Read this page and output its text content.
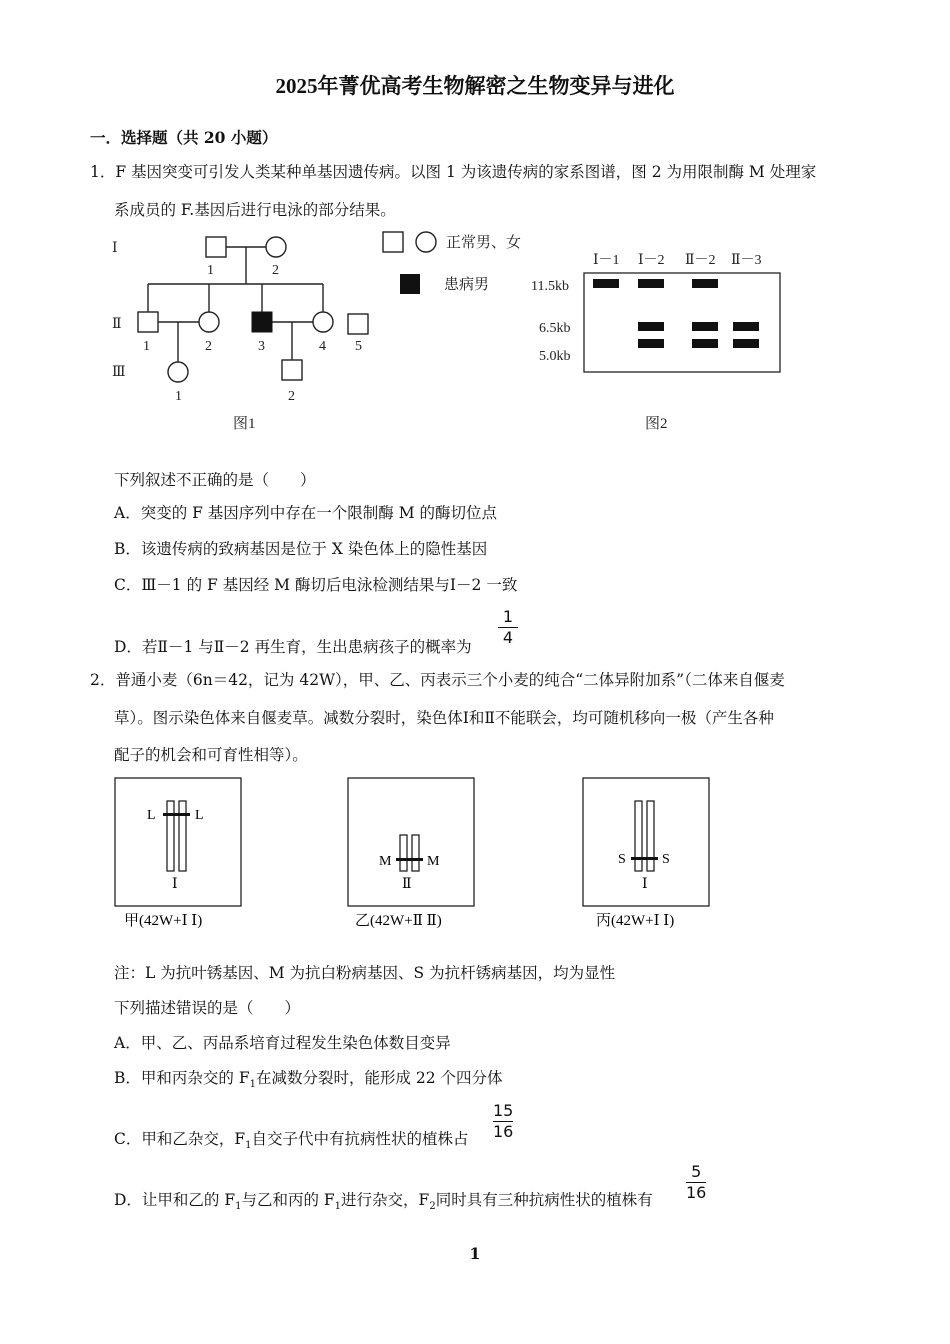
2025年菁优高考生物解密之生物变异与进化
一．选择题（共 20 小题）
1．F 基因突变可引发人类某种单基因遗传病。以图 1 为该遗传病的家系图谱，图 2 为用限制酶 M 处理家
系成员的 F.基因后进行电泳的部分结果。
Ⅰ
Ⅱ
Ⅲ
1	2
1	2	3	4 5
1	2
图1
正常男、女
患病男
Ⅰ－1 Ⅰ－2 Ⅱ－2 Ⅱ－3
11.5kb
6.5kb
5.0kb
图2
下列叙述不正确的是（　　）
A．突变的 F 基因序列中存在一个限制酶 M 的酶切位点
B．该遗传病的致病基因是位于 X 染色体上的隐性基因
C．Ⅲ－1 的 F 基因经 M 酶切后电泳检测结果与Ⅰ－2 一致
D．若Ⅱ－1 与Ⅱ－2 再生育，生出患病孩子的概率为
1
4
2．普通小麦（6n＝42，记为 42W），甲、乙、丙表示三个小麦的纯合“二体异附加系”（二体来自偃麦
草）。图示染色体来自偃麦草。减数分裂时，染色体Ⅰ和Ⅱ不能联会，均可随机移向一极（产生各种
配子的机会和可育性相等）。
L	L
Ⅰ
甲(42W+Ⅰ Ⅰ)
M	M
Ⅱ
乙(42W+Ⅱ Ⅱ)
S	S
Ⅰ
丙(42W+Ⅰ Ⅰ)
注：L 为抗叶锈基因、M 为抗白粉病基因、S 为抗杆锈病基因，均为显性
下列描述错误的是（　　）
A．甲、乙、丙品系培育过程发生染色体数目变异
B．甲和丙杂交的 $F_1$在减数分裂时，能形成 22 个四分体
C．甲和乙杂交，$F_1$自交子代中有抗病性状的植株占
15
16
D．让甲和乙的 $F_1$与乙和丙的 $F_1$进行杂交，$F_2$同时具有三种抗病性状的植株有
5
16
1
